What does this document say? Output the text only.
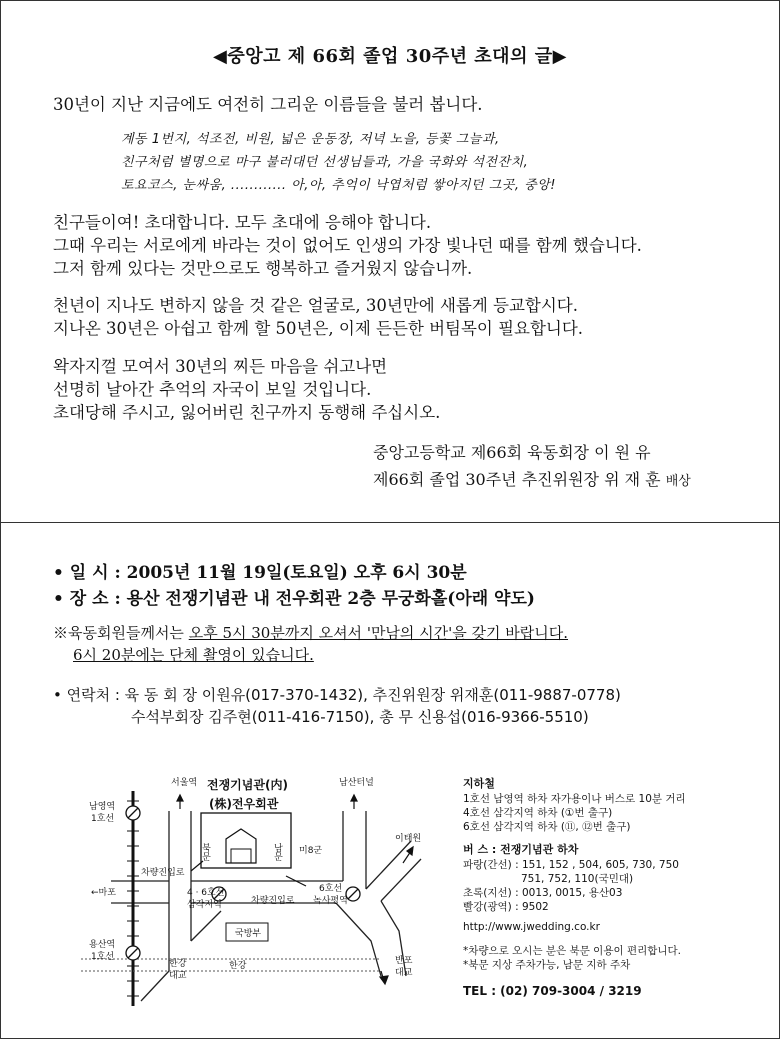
◀중앙고 제 66회 졸업 30주년 초대의 글▶
30년이 지난 지금에도 여전히 그리운 이름들을 불러 봅니다.
계동 1번지, 석조전, 비원, 넓은 운동장, 저녁 노을, 등꽃 그늘과,
친구처럼 별명으로 마구 불러대던 선생님들과, 가을 국화와 석전잔치,
토요코스, 눈싸움, ............ 아,아, 추억이 낙엽처럼 쌓아지던 그곳, 중앙!
친구들이여! 초대합니다. 모두 초대에 응해야 합니다.
그때 우리는 서로에게 바라는 것이 없어도 인생의 가장 빛나던 때를 함께 했습니다.
그저 함께 있다는 것만으로도 행복하고 즐거웠지 않습니까.
천년이 지나도 변하지 않을 것 같은 얼굴로, 30년만에 새롭게 등교합시다.
지나온 30년은 아쉽고 함께 할 50년은, 이제 든든한 버팀목이 필요합니다.
왁자지껄 모여서 30년의 찌든 마음을 쉬고나면
선명히 날아간 추억의 자국이 보일 것입니다.
초대당해 주시고, 잃어버린 친구까지 동행해 주십시오.
중앙고등학교 제66회 육동회장 이 원 유
제66회 졸업 30주년 추진위원장 위 재 훈 배상
• 일 시 : 2005년 11월 19일(토요일) 오후 6시 30분
• 장 소 : 용산 전쟁기념관 내 전우회관 2층 무궁화홀(아래 약도)
※육동회원들께서는 오후 5시 30분까지 오셔서 '만남의 시간'을 갖기 바랍니다.
6시 20분에는 단체 촬영이 있습니다.
• 연락처 : 육 동 회 장 이원유(017-370-1432), 추진위원장 위재훈(011-9887-0778)
수석부회장 김주현(011-416-7150), 총 무 신용섭(016-9366-5510)
서울역	남산터널
이태원
전쟁기념관(内)
(株)전우회관
북문	남문 미8군
남영역
1호선
용산역
1호선
←마포
차량진입로
4 · 6호선
삼각지역	차량진입로
6호선
녹사평역
국방부
한강
한강
대교
반포
대교
지하철
1호선 남영역 하차 자가용이나 버스로 10분 거리
4호선 삼각지역 하차 (①번 출구)
6호선 삼각지역 하차 (⑪, ⑫번 출구)
버 스 : 전쟁기념관 하차
파랑(간선) : 151, 152 , 504, 605, 730, 750
751, 752, 110(국민대)
초록(지선) : 0013, 0015, 용산03
빨강(광역) : 9502
http://www.jwedding.co.kr
*차량으로 오시는 분은 북문 이용이 편리합니다.
*북문 지상 주차가능, 남문 지하 주차
TEL : (02) 709-3004 / 3219
